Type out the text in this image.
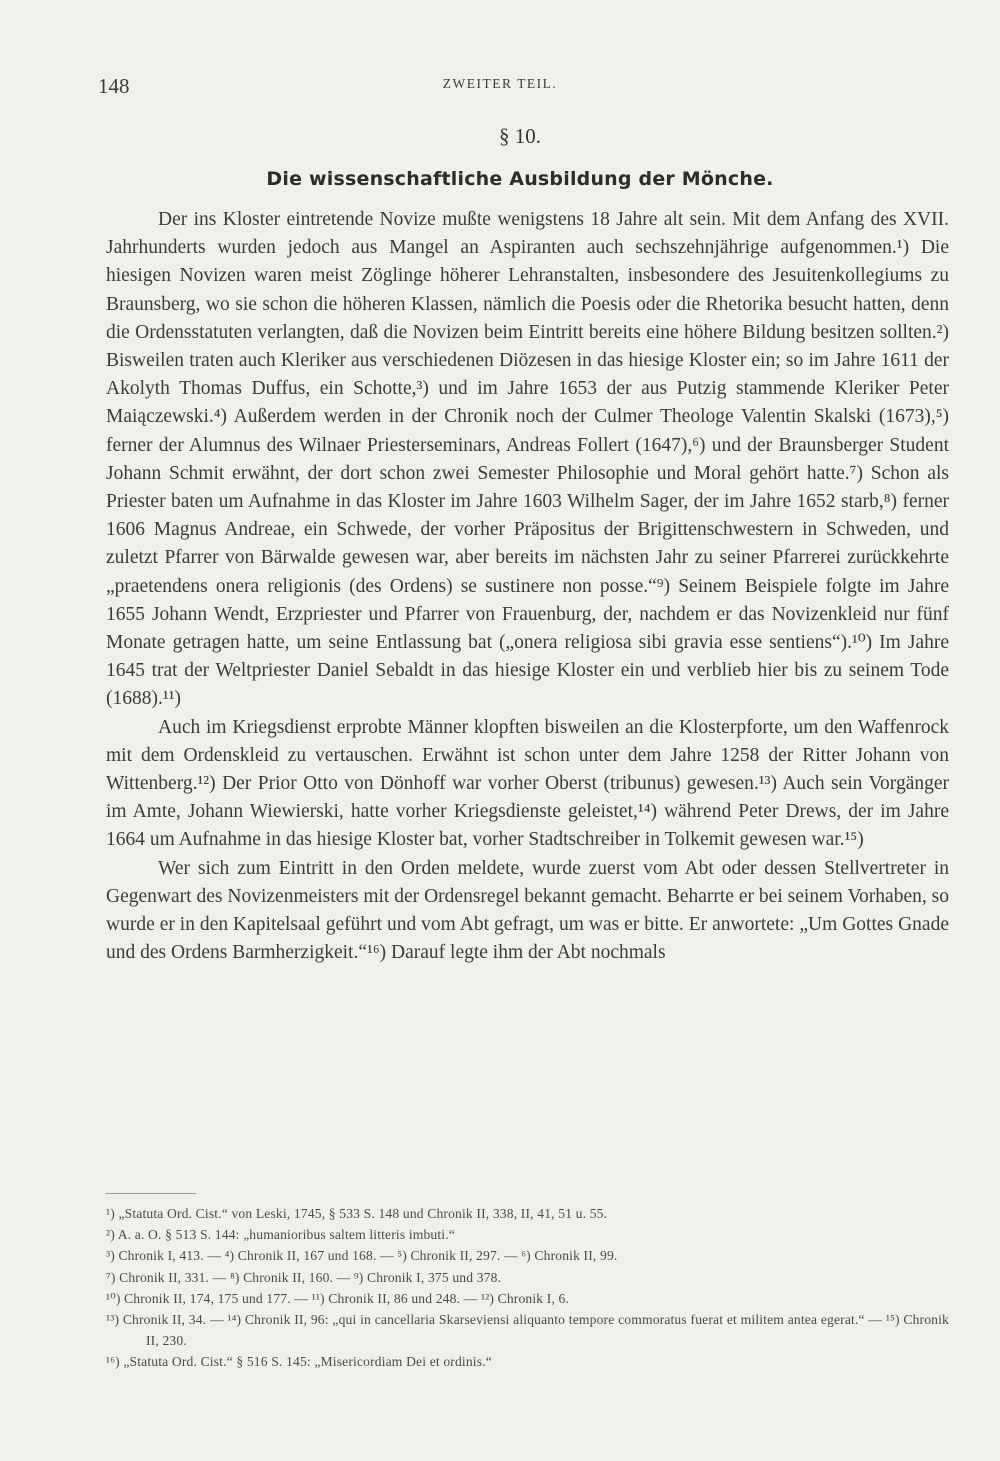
148	ZWEITER TEIL.
§ 10.
Die wissenschaftliche Ausbildung der Mönche.

Der ins Kloster eintretende Novize mußte wenigstens 18 Jahre alt sein. Mit dem Anfang des XVII. Jahrhunderts wurden jedoch aus Mangel an Aspiranten auch sechszehnjährige aufgenommen.¹) Die hiesigen Novizen waren meist Zöglinge höherer Lehranstalten, insbesondere des Jesuitenkollegiums zu Braunsberg, wo sie schon die höheren Klassen, nämlich die Poesis oder die Rhetorika besucht hatten, denn die Ordensstatuten verlangten, daß die Novizen beim Eintritt bereits eine höhere Bildung besitzen sollten.²) Bisweilen traten auch Kleriker aus verschiedenen Diözesen in das hiesige Kloster ein; so im Jahre 1611 der Akolyth Thomas Duffus, ein Schotte,³) und im Jahre 1653 der aus Putzig stammende Kleriker Peter Maiączewski.⁴) Außerdem werden in der Chronik noch der Culmer Theologe Valentin Skalski (1673),⁵) ferner der Alumnus des Wilnaer Priesterseminars, Andreas Follert (1647),⁶) und der Braunsberger Student Johann Schmit erwähnt, der dort schon zwei Semester Philosophie und Moral gehört hatte.⁷) Schon als Priester baten um Aufnahme in das Kloster im Jahre 1603 Wilhelm Sager, der im Jahre 1652 starb,⁸) ferner 1606 Magnus Andreae, ein Schwede, der vorher Präpositus der Brigittenschwestern in Schweden, und zuletzt Pfarrer von Bärwalde gewesen war, aber bereits im nächsten Jahr zu seiner Pfarrerei zurückkehrte „praetendens onera religionis (des Ordens) se sustinere non posse.“⁹) Seinem Beispiele folgte im Jahre 1655 Johann Wendt, Erzpriester und Pfarrer von Frauenburg, der, nachdem er das Novizenkleid nur fünf Monate getragen hatte, um seine Entlassung bat („onera religiosa sibi gravia esse sentiens“).¹⁰) Im Jahre 1645 trat der Weltpriester Daniel Sebaldt in das hiesige Kloster ein und verblieb hier bis zu seinem Tode (1688).¹¹)

Auch im Kriegsdienst erprobte Männer klopften bisweilen an die Klosterpforte, um den Waffenrock mit dem Ordenskleid zu vertauschen. Erwähnt ist schon unter dem Jahre 1258 der Ritter Johann von Wittenberg.¹²) Der Prior Otto von Dönhoff war vorher Oberst (tribunus) gewesen.¹³) Auch sein Vorgänger im Amte, Johann Wiewierski, hatte vorher Kriegsdienste geleistet,¹⁴) während Peter Drews, der im Jahre 1664 um Aufnahme in das hiesige Kloster bat, vorher Stadtschreiber in Tolkemit gewesen war.¹⁵)

Wer sich zum Eintritt in den Orden meldete, wurde zuerst vom Abt oder dessen Stellvertreter in Gegenwart des Novizenmeisters mit der Ordensregel bekannt gemacht. Beharrte er bei seinem Vorhaben, so wurde er in den Kapitelsaal geführt und vom Abt gefragt, um was er bitte. Er anwortete: „Um Gottes Gnade und des Ordens Barmherzigkeit.“¹⁶) Darauf legte ihm der Abt nochmals

¹) „Statuta Ord. Cist.“ von Leski, 1745, § 533 S. 148 und Chronik II, 338, II, 41, 51 u. 55.

²) A. a. O. § 513 S. 144: „humanioribus saltem litteris imbuti.“

³) Chronik I, 413. — ⁴) Chronik II, 167 und 168. — ⁵) Chronik II, 297. — ⁶) Chronik II, 99.

⁷) Chronik II, 331. — ⁸) Chronik II, 160. — ⁹) Chronik I, 375 und 378.

¹⁰) Chronik II, 174, 175 und 177. — ¹¹) Chronik II, 86 und 248. — ¹²) Chronik I, 6.

¹³) Chronik II, 34. — ¹⁴) Chronik II, 96: „qui in cancellaria Skarseviensi aliquanto tempore commoratus fuerat et militem antea egerat.“ — ¹⁵) Chronik II, 230.

¹⁶) „Statuta Ord. Cist.“ § 516 S. 145: „Misericordiam Dei et ordinis.“
